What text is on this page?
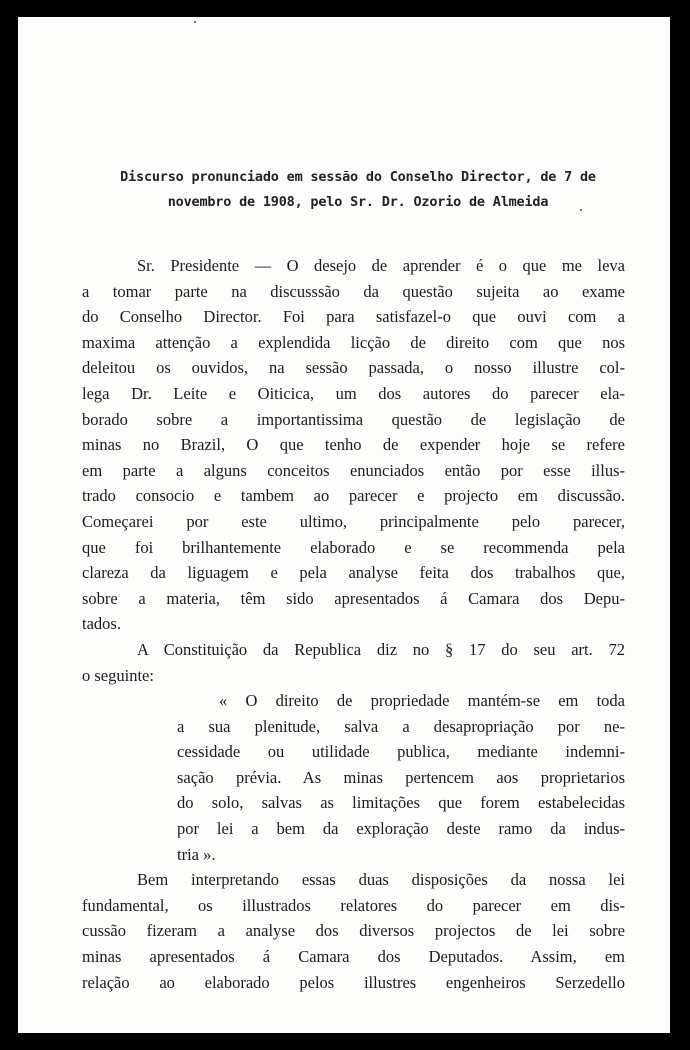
Discurso pronunciado em sessão do Conselho Director, de 7 de
novembro de 1908, pelo Sr. Dr. Ozorio de Almeida
Sr. Presidente — O desejo de aprender é o que me leva
a tomar parte na discusssão da questão sujeita ao exame
do Conselho Director. Foi para satisfazel-o que ouvi com a
maxima attenção a explendida licção de direito com que nos
deleitou os ouvidos, na sessão passada, o nosso illustre col-
lega Dr. Leite e Oiticica, um dos autores do parecer ela-
borado sobre a importantissima questão de legislação de
minas no Brazil, O que tenho de expender hoje se refere
em parte a alguns conceitos enunciados então por esse illus-
trado consocio e tambem ao parecer e projecto em discussão.
Começarei por este ultimo, principalmente pelo parecer,
que foi brilhantemente elaborado e se recommenda pela
clareza da liguagem e pela analyse feita dos trabalhos que,
sobre a materia, têm sido apresentados á Camara dos Depu-
tados.
A Constituição da Republica diz no § 17 do seu art. 72
o seguinte:
« O direito de propriedade mantém-se em toda
a sua plenitude, salva a desapropriação por ne-
cessidade ou utilidade publica, mediante indemni-
sação prévia. As minas pertencem aos proprietarios
do solo, salvas as limitações que forem estabelecidas
por lei a bem da exploração deste ramo da indus-
tria ».
Bem interpretando essas duas disposições da nossa lei
fundamental, os illustrados relatores do parecer em dis-
cussão fizeram a analyse dos diversos projectos de lei sobre
minas apresentados á Camara dos Deputados. Assim, em
relação ao elaborado pelos illustres engenheiros Serzedello
